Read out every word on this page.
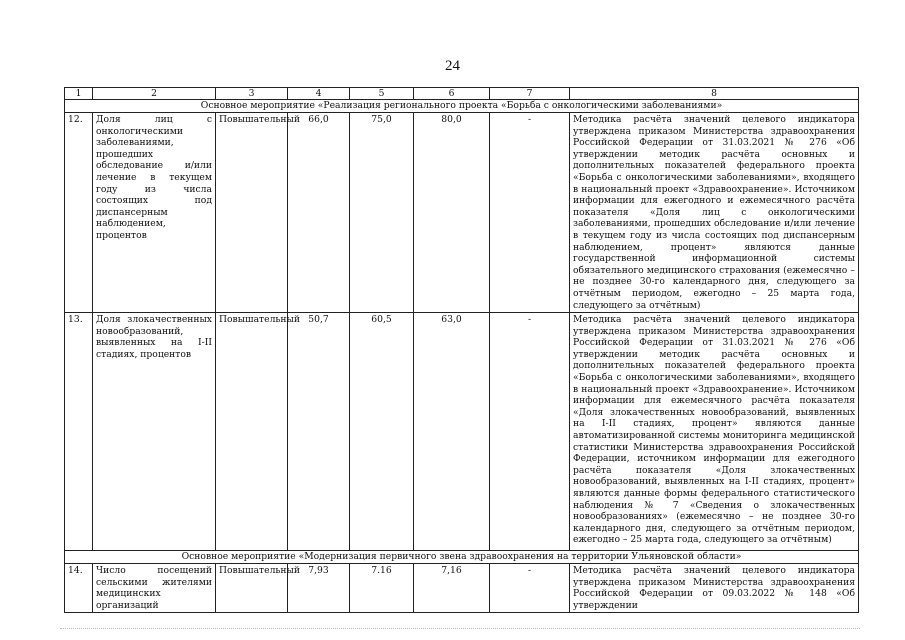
24
1	2	3	4	5	6	7	8
Основное мероприятие «Реализация регионального проекта «Борьба с онкологическими заболеваниями»							
12.	Доля лиц с онкологическими заболеваниями, прошедших обследование и/или лечение в текущем году из числа состоящих под диспансерным наблюдением, процентов	Повышательный	66,0	75,0	80,0	-	Методика расчёта значений целевого индикатора утверждена приказом Министерства здравоохранения Российской Федерации от 31.03.2021 № 276 «Об утверждении методик расчёта основных и дополнительных показателей федерального проекта «Борьба с онкологическими заболеваниями», входящего в национальный проект «Здравоохранение». Источником информации для ежегодного и ежемесячного расчёта показателя «Доля лиц с онкологическими заболеваниями, прошедших обследование и/или лечение в текущем году из числа состоящих под диспансерным наблюдением, процент» являются данные государственной информационной системы обязательного медицинского страхования (ежемесячно – не позднее 30-го календарного дня, следующего за отчётным периодом, ежегодно – 25 марта года, следующего за отчётным)
13.	Доля злокачественных новообразований, выявленных на I-II стадиях, процентов	Повышательный	50,7	60,5	63,0	-	Методика расчёта значений целевого индикатора утверждена приказом Министерства здравоохранения Российской Федерации от 31.03.2021 № 276 «Об утверждении методик расчёта основных и дополнительных показателей федерального проекта «Борьба с онкологическими заболеваниями», входящего в национальный проект «Здравоохранение». Источником информации для ежемесячного расчёта показателя «Доля злокачественных новообразований, выявленных на I-II стадиях, процент» являются данные автоматизированной системы мониторинга медицинской статистики Министерства здравоохранения Российской Федерации, источником информации для ежегодного расчёта показателя «Доля злокачественных новообразований, выявленных на I-II стадиях, процент» являются данные формы федерального статистического наблюдения № 7 «Сведения о злокачественных новообразованиях» (ежемесячно – не позднее 30-го календарного дня, следующего за отчётным периодом, ежегодно – 25 марта года, следующего за отчётным)
Основное мероприятие «Модернизация первичного звена здравоохранения на территории Ульяновской области»							
14.	Число посещений сельскими жителями медицинских организаций	Повышательный	7,93	7.16	7,16	-	Методика расчёта значений целевого индикатора утверждена приказом Министерства здравоохранения Российской Федерации от 09.03.2022 № 148 «Об утверждении
